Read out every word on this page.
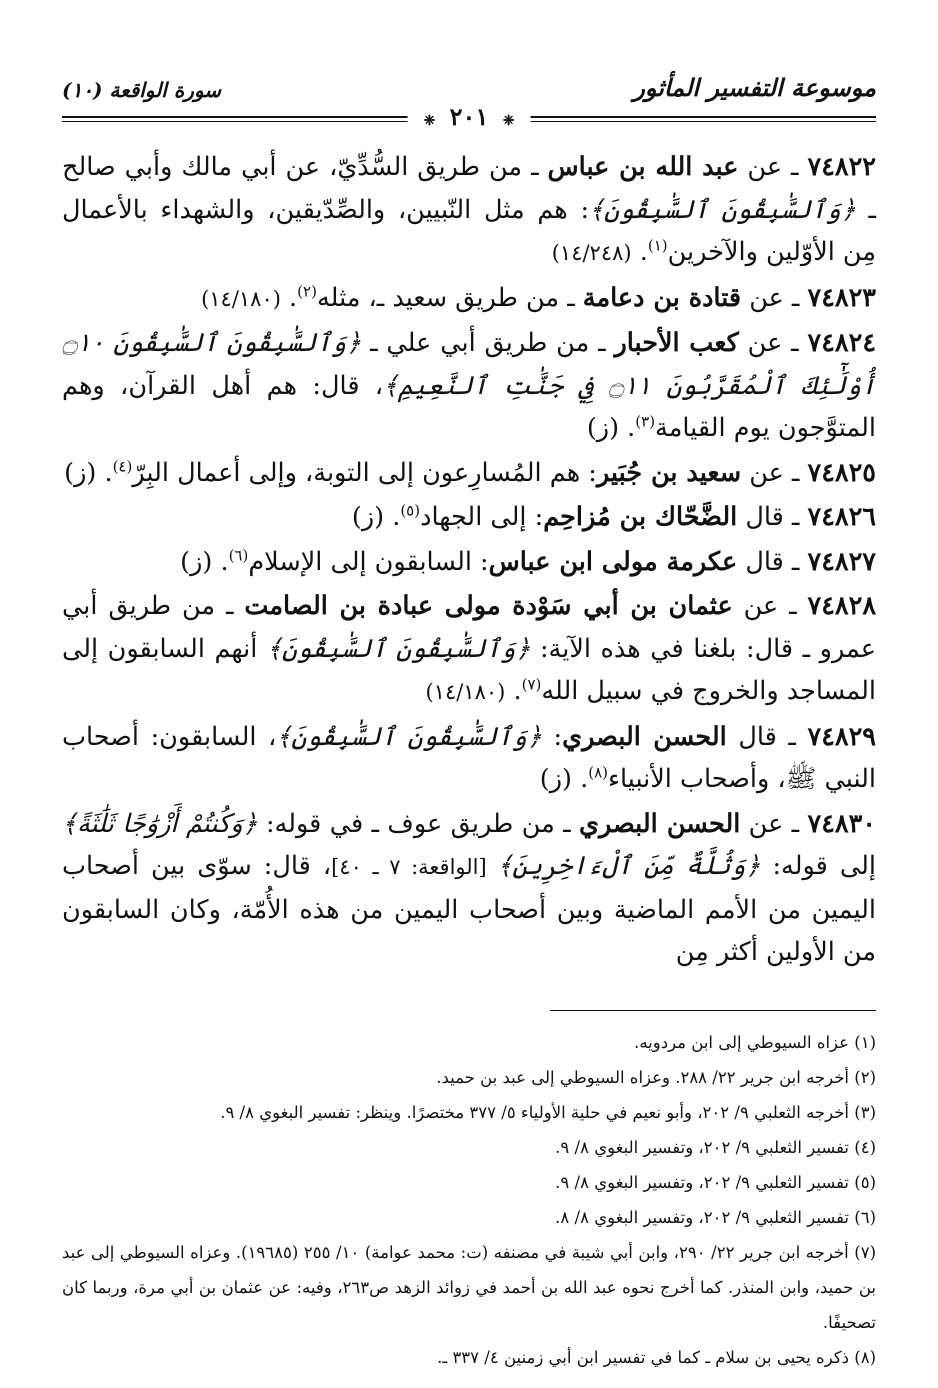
موسوعة التفسير المأثور
سورة الواقعة (١٠)
❈ ٢٠١ ❈

٧٤٨٢٢ ـ عن عبد الله بن عباس ـ من طريق السُّدِّيّ، عن أبي مالك وأبي صالح ـ ﴿وَٱلسَّٰبِقُونَ ٱلسَّٰبِقُونَ﴾: هم مثل النّبيين، والصِّدّيقين، والشهداء بالأعمال مِن الأوّلين والآخرين$^{(١)}$. (١٤/٢٤٨)

٧٤٨٢٣ ـ عن قتادة بن دعامة ـ من طريق سعيد ـ، مثله$^{(٢)}$. (١٤/١٨٠)

٧٤٨٢٤ ـ عن كعب الأحبار ـ من طريق أبي علي ـ ﴿وَٱلسَّٰبِقُونَ ٱلسَّٰبِقُونَ ۝١٠ أُوْلَٰٓئِكَ ٱلْمُقَرَّبُونَ ۝١١ فِي جَنَّٰتِ ٱلنَّعِيمِ﴾، قال: هم أهل القرآن، وهم المتوَّجون يوم القيامة$^{(٣)}$. (ز)

٧٤٨٢٥ ـ عن سعيد بن جُبَير: هم المُسارِعون إلى التوبة، وإلى أعمال البِرّ$^{(٤)}$. (ز)

٧٤٨٢٦ ـ قال الضَّحّاك بن مُزاحِم: إلى الجهاد$^{(٥)}$. (ز)

٧٤٨٢٧ ـ قال عكرمة مولى ابن عباس: السابقون إلى الإسلام$^{(٦)}$. (ز)

٧٤٨٢٨ ـ عن عثمان بن أبي سَوْدة مولى عبادة بن الصامت ـ من طريق أبي عمرو ـ قال: بلغنا في هذه الآية: ﴿وَٱلسَّٰبِقُونَ ٱلسَّٰبِقُونَ﴾ أنهم السابقون إلى المساجد والخروج في سبيل الله$^{(٧)}$. (١٤/١٨٠)

٧٤٨٢٩ ـ قال الحسن البصري: ﴿وَٱلسَّٰبِقُونَ ٱلسَّٰبِقُونَ﴾، السابقون: أصحاب النبي ﷺ، وأصحاب الأنبياء$^{(٨)}$. (ز)

٧٤٨٣٠ ـ عن الحسن البصري ـ من طريق عوف ـ في قوله: ﴿وَكُنتُمْ أَزْوَٰجًا ثَلَٰثَةً﴾ إلى قوله: ﴿وَثُلَّةٌ مِّنَ ٱلْءَاخِرِينَ﴾ [الواقعة: ٧ ـ ٤٠]، قال: سوّى بين أصحاب اليمين من الأمم الماضية وبين أصحاب اليمين من هذه الأُمّة، وكان السابقون من الأولين أكثر مِن

(١) عزاه السيوطي إلى ابن مردويه.

(٢) أخرجه ابن جرير ٢٢/ ٢٨٨. وعزاه السيوطي إلى عبد بن حميد.

(٣) أخرجه الثعلبي ٩/ ٢٠٢، وأبو نعيم في حلية الأولياء ٥/ ٣٧٧ مختصرًا. وينظر: تفسير البغوي ٨/ ٩.

(٤) تفسير الثعلبي ٩/ ٢٠٢، وتفسير البغوي ٨/ ٩.

(٥) تفسير الثعلبي ٩/ ٢٠٢، وتفسير البغوي ٨/ ٩.

(٦) تفسير الثعلبي ٩/ ٢٠٢، وتفسير البغوي ٨/ ٨.

(٧) أخرجه ابن جرير ٢٢/ ٢٩٠، وابن أبي شيبة في مصنفه (ت: محمد عوامة) ١٠/ ٢٥٥ (١٩٦٨٥). وعزاه السيوطي إلى عبد بن حميد، وابن المنذر. كما أخرج نحوه عبد الله بن أحمد في زوائد الزهد ص٢٦٣، وفيه: عن عثمان بن أبي مرة، وربما كان تصحيفًا.

(٨) ذكره يحيى بن سلام ـ كما في تفسير ابن أبي زمنين ٤/ ٣٣٧ ـ.
